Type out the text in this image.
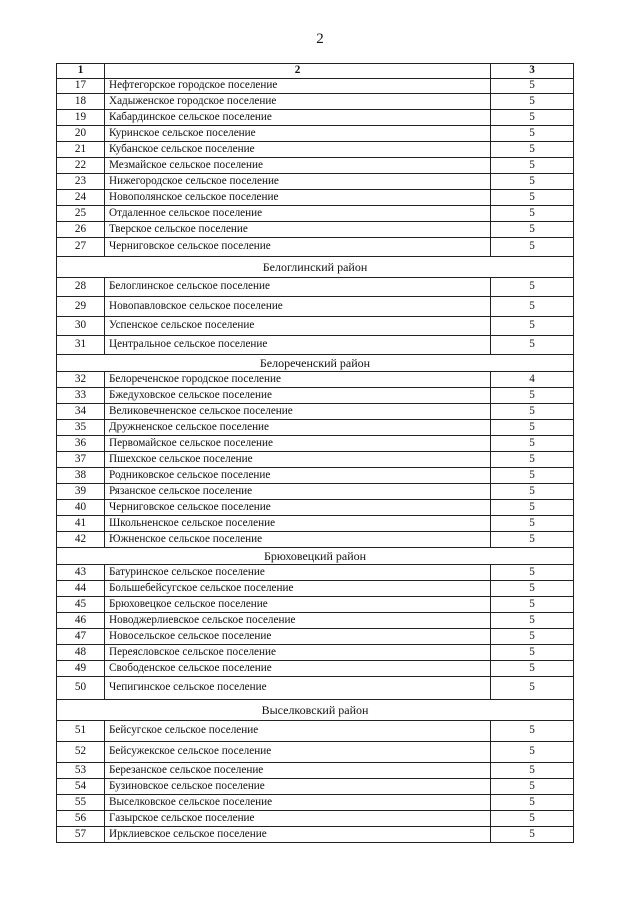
2
1	2	3
17	Нефтегорское городское поселение	5
18	Хадыженское городское поселение	5
19	Кабардинское сельское поселение	5
20	Куринское сельское поселение	5
21	Кубанское сельское поселение	5
22	Мезмайское сельское поселение	5
23	Нижегородское сельское поселение	5
24	Новополянское сельское поселение	5
25	Отдаленное сельское поселение	5
26	Тверское сельское поселение	5
27	Черниговское сельское поселение	5
Белоглинский район		
28	Белоглинское сельское поселение	5
29	Новопавловское сельское поселение	5
30	Успенское сельское поселение	5
31	Центральное сельское поселение	5
Белореченский район		
32	Белореченское городское поселение	4
33	Бжедуховское сельское поселение	5
34	Великовечненское сельское поселение	5
35	Дружненское сельское поселение	5
36	Первомайское сельское поселение	5
37	Пшехское сельское поселение	5
38	Родниковское сельское поселение	5
39	Рязанское сельское поселение	5
40	Черниговское сельское поселение	5
41	Школьненское сельское поселение	5
42	Южненское сельское поселение	5
Брюховецкий район		
43	Батуринское сельское поселение	5
44	Большебейсугское сельское поселение	5
45	Брюховецкое сельское поселение	5
46	Новоджерлиевское сельское поселение	5
47	Новосельское сельское поселение	5
48	Переясловское сельское поселение	5
49	Свободенское сельское поселение	5
50	Чепигинское сельское поселение	5
Выселковский район		
51	Бейсугское сельское поселение	5
52	Бейсужекское сельское поселение	5
53	Березанское сельское поселение	5
54	Бузиновское сельское поселение	5
55	Выселковское сельское поселение	5
56	Газырское сельское поселение	5
57	Ирклиевское сельское поселение	5
